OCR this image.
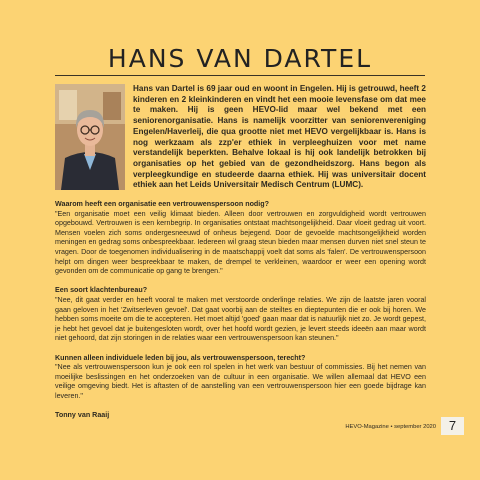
HANS VAN DARTEL
Hans van Dartel is 69 jaar oud en woont in Engelen. Hij is getrouwd, heeft 2 kinderen en 2 kleinkinderen en vindt het een mooie levensfase om dat mee te maken. Hij is geen HEVO-lid maar wel bekend met een seniorenorganisatie. Hans is namelijk voorzitter van seniorenvereniging Engelen/Haverleij, die qua grootte niet met HEVO vergelijkbaar is. Hans is nog werkzaam als zzp'er ethiek in verpleeghuizen voor met name verstandelijk beperkten. Behalve lokaal is hij ook landelijk betrokken bij organisaties op het gebied van de gezondheidszorg. Hans begon als verpleegkundige en studeerde daarna ethiek. Hij was universitair docent ethiek aan het Leids Universitair Medisch Centrum (LUMC).
Waarom heeft een organisatie een vertrouwenspersoon nodig?

"Een organisatie moet een veilig klimaat bieden. Alleen door vertrouwen en zorgvuldigheid wordt vertrouwen opgebouwd. Vertrouwen is een kernbegrip. In organisaties ontstaat machtsongelijkheid. Daar vloeit gedrag uit voort. Mensen voelen zich soms ondergesneeuwd of onheus bejegend. Door de gevoelde machtsongelijkheid worden meningen en gedrag soms onbespreekbaar. Iedereen wil graag steun bieden maar mensen durven niet snel steun te vragen. Door de toegenomen individualisering in de maatschappij voelt dat soms als 'falen'. De vertrouwenspersoon helpt om dingen weer bespreekbaar te maken, de drempel te verkleinen, waardoor er weer een opening wordt gevonden om de communicatie op gang te brengen."

Een soort klachtenbureau?

"Nee, dit gaat verder en heeft vooral te maken met verstoorde onderlinge relaties. We zijn de laatste jaren vooral gaan geloven in het 'Zwitserleven gevoel'. Dat gaat voorbij aan de steiltes en dieptepunten die er ook bij horen. We hebben soms moeite om die te accepteren. Het moet altijd 'goed' gaan maar dat is natuurlijk niet zo. Je wordt gepest, je hebt het gevoel dat je buitengesloten wordt, over het hoofd wordt gezien, je levert steeds ideeën aan maar wordt niet gehoord, dat zijn storingen in de relaties waar een vertrouwenspersoon kan steunen."

Kunnen alleen individuele leden bij jou, als vertrouwenspersoon, terecht?

"Nee als vertrouwenspersoon kun je ook een rol spelen in het werk van bestuur of commissies. Bij het nemen van moeilijke beslissingen en het onderzoeken van de cultuur in een organisatie. We willen allemaal dat HEVO een veilige omgeving biedt. Het is aftasten of de aanstelling van een vertrouwenspersoon hier een goede bijdrage kan leveren."

Tonny van Raaij
HEVO-Magazine • september 2020 7
